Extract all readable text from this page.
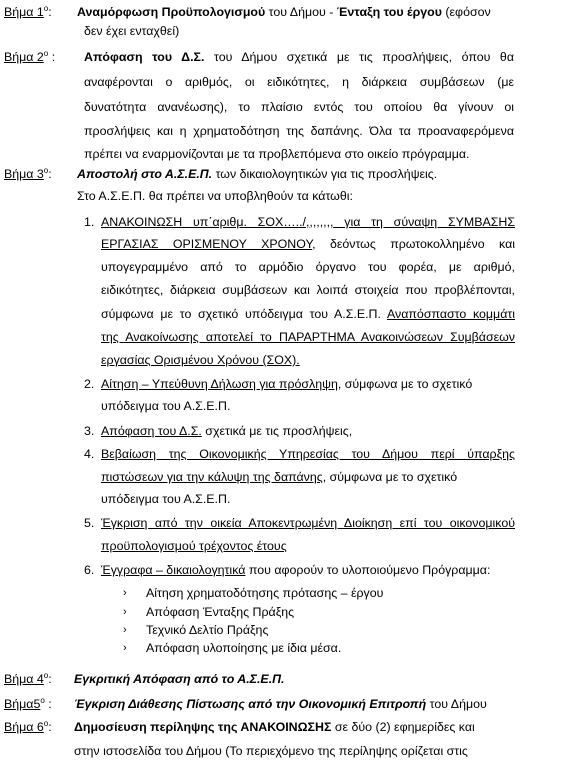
Βήμα $1^o$: Αναμόρφωση Προϋπολογισμού του Δήμου - Ένταξη του έργου (εφόσον
δεν έχει ενταχθεί)
Βήμα $2^o$ : Απόφαση του Δ.Σ. του Δήμου σχετικά με τις προσλήψεις, όπου θα
αναφέρονται ο αριθμός, οι ειδικότητες, η διάρκεια συμβάσεων (με
δυνατότητα ανανέωσης), το πλαίσιο εντός του οποίου θα γίνουν οι
προσλήψεις και η χρηματοδότηση της δαπάνης. Όλα τα προαναφερόμενα
πρέπει να εναρμονίζονται με τα προβλεπόμενα στο οικείο πρόγραμμα.
Βήμα $3^o$: Αποστολή στο Α.Σ.Ε.Π. των δικαιολογητικών για τις προσλήψεις.
Στο Α.Σ.Ε.Π. θα πρέπει να υποβληθούν τα κάτωθι:
1. ΑΝΑΚΟΙΝΩΣΗ υπ΄αριθμ. ΣΟΧ…../,,,,,,,, για τη σύναψη ΣΥΜΒΑΣΗΣ
ΕΡΓΑΣΙΑΣ ΟΡΙΣΜΕΝΟΥ ΧΡΟΝΟΥ, δεόντως πρωτοκολλημένο και
υπογεγραμμένο από το αρμόδιο όργανο του φορέα, με αριθμό,
ειδικότητες, διάρκεια συμβάσεων και λοιπά στοιχεία που προβλέπονται,
σύμφωνα με το σχετικό υπόδειγμα του Α.Σ.Ε.Π. Αναπόσπαστο κομμάτι
της Ανακοίνωσης αποτελεί το ΠΑΡΑΡΤΗΜΑ Ανακοινώσεων Συμβάσεων
εργασίας Ορισμένου Χρόνου (ΣΟΧ).
2. Αίτηση – Υπεύθυνη Δήλωση για πρόσληψη, σύμφωνα με το σχετικό
υπόδειγμα του Α.Σ.Ε.Π.
3. Απόφαση του Δ.Σ. σχετικά με τις προσλήψεις,
4. Βεβαίωση της Οικονομικής Υπηρεσίας του Δήμου περί ύπαρξης
πιστώσεων για την κάλυψη της δαπάνης, σύμφωνα με το σχετικό
υπόδειγμα του Α.Σ.Ε.Π.
5. Έγκριση από την οικεία Αποκεντρωμένη Διοίκηση επί του οικονομικού
προϋπολογισμού τρέχοντος έτους
6. Έγγραφα – δικαιολογητικά που αφορούν το υλοποιούμενο Πρόγραμμα:
› Αίτηση χρηματοδότησης πρότασης – έργου
› Απόφαση Ένταξης Πράξης
› Τεχνικό Δελτίο Πράξης
› Απόφαση υλοποίησης με ίδια μέσα.
Βήμα $4^o$: Εγκριτική Απόφαση από το Α.Σ.Ε.Π.
$Bή\mu\alpha 5^o$ : Έγκριση Διάθεσης Πίστωσης από την Οικονομική Επιτροπή του Δήμου
Βήμα $6^o$: Δημοσίευση περίληψης της ΑΝΑΚΟΙΝΩΣΗΣ σε δύο (2) εφημερίδες και
στην ιστοσελίδα του Δήμου (Το περιεχόμενο της περίληψης ορίζεται στις
